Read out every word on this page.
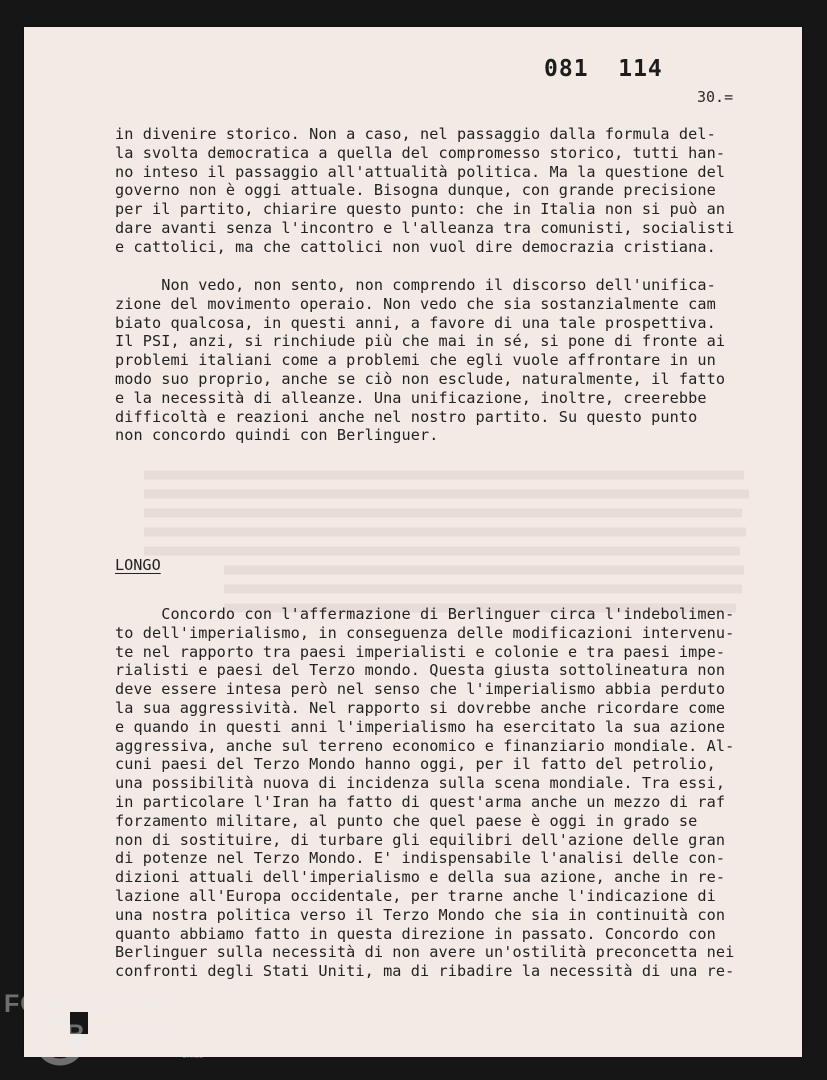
081  114
30.=
in divenire storico. Non a caso, nel passaggio dalla formula del-
la svolta democratica a quella del compromesso storico, tutti han-
no inteso il passaggio all'attualità politica. Ma la questione del
governo non è oggi attuale. Bisogna dunque, con grande precisione
per il partito, chiarire questo punto: che in Italia non si può an
dare avanti senza l'incontro e l'alleanza tra comunisti, socialisti
e cattolici, ma che cattolici non vuol dire democrazia cristiana.
Non vedo, non sento, non comprendo il discorso dell'unifica-
zione del movimento operaio. Non vedo che sia sostanzialmente cam
biato qualcosa, in questi anni, a favore di una tale prospettiva.
Il PSI, anzi, si rinchiude più che mai in sé, si pone di fronte ai
problemi italiani come a problemi che egli vuole affrontare in un
modo suo proprio, anche se ciò non esclude, naturalmente, il fatto
e la necessità di alleanze. Una unificazione, inoltre, creerebbe
difficoltà e reazioni anche nel nostro partito. Su questo punto
non concordo quindi con Berlinguer.
LONGO
Concordo con l'affermazione di Berlinguer circa l'indebolimen-
to dell'imperialismo, in conseguenza delle modificazioni intervenu-
te nel rapporto tra paesi imperialisti e colonie e tra paesi impe-
rialisti e paesi del Terzo mondo. Questa giusta sottolineatura non
deve essere intesa però nel senso che l'imperialismo abbia perduto
la sua aggressività. Nel rapporto si dovrebbe anche ricordare come
e quando in questi anni l'imperialismo ha esercitato la sua azione
aggressiva, anche sul terreno economico e finanziario mondiale. Al-
cuni paesi del Terzo Mondo hanno oggi, per il fatto del petrolio,
una possibilità nuova di incidenza sulla scena mondiale. Tra essi,
in particolare l'Iran ha fatto di quest'arma anche un mezzo di raf
forzamento militare, al punto che quel paese è oggi in grado se
non di sostituire, di turbare gli equilibri dell'azione delle gran
di potenze nel Terzo Mondo. E' indispensabile l'analisi delle con-
dizioni attuali dell'imperialismo e della sua azione, anche in re-
lazione all'Europa occidentale, per trarne anche l'indicazione di
una nostra politica verso il Terzo Mondo che sia in continuità con
quanto abbiamo fatto in questa direzione in passato. Concordo con
Berlinguer sulla necessità di non avere un'ostilità preconcetta nei
confronti degli Stati Uniti, ma di ribadire la necessità di una re-
FONDAZIONE
RAMSCI
onlus
